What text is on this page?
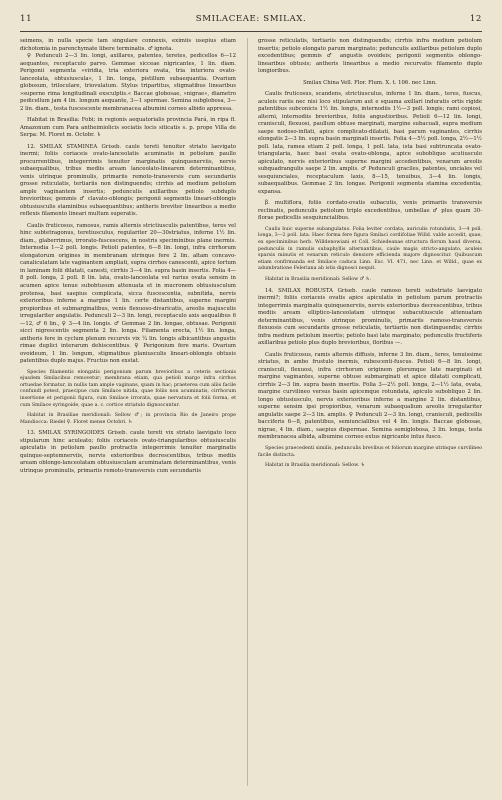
11	SMILACEAE: SMILAX.	12

seimens, in nulla specie tam singulare connexis, eximiis usepius etiam dichotomia in parenchymate libere terminatis. ♂ ignota.

♀ Pedunculi 2—3 lin. longi, axillares, patentes, teretes, pedicellos 6—12 aequantes, receptaculo parvo. Gemmae sicceae nigricantes, 1 lin. diam. Perigonii segmenta »viridia, tria exteriora ovata, tria interiora ovato-lanceolata, obtusiuscula«, 1 lin. longa, pistillum subaequantia. Ovarium globosum, triloculare, triovulatum. Stylus tripartitus, stigmatibus linearibus »superne rima longitudinali exsculptis.« Baccae globosae, »nigrae«, diametro pedicellum jam 4 lin. longum aequante, 3—1 spermae. Semina subglobosa, 3—2 lin. diam., testa fuscescente membranacea albumini corneo albido appressa.

Habitat in Brasilia: Fobi; in regionis aequatorialis provincia Pará, in ripa fl. Amazonum cum Para antheimiolicis sociatis locis siticatis s. p. prope Villa de Serpa: M. Floret m. Octobr. ♄

12. SMILAX STAMINEA Griseb. caule tereti tenuiter striato laevigato inermi; foliis coriaceis ovato-lanceolatis acuminatis in petiolum paullo procurrentibus, integerrimis tenuiter marginatis quinquenerviis, nervis subaequalibus, tribus mediis aream lanceolato-linearem determinantibus, venis utrinque prominulis, primariis remoto-transversis cum secundariis grosse reticulatis, tertiariis non distinguendis; cirrhis ad medium petiolum ample vaginantem insertis; pedunculis axillaribus petiolo subduplo brevioribus; gemmis ♂ clavato-oblongis; perigonii segmentis lineari-oblongis obtusiusculis staminibus subaequantibus; antheris breviter linearibus a medio reflexis filamento lineari multum superatis.

Caulis fruticosus, ramosus, ramis alternis strictiusculis patentibus, teres vel hinc subtetragonus, teretiusculus, regulariter 20—30striatus, inferne 1½ lin. diam., glaberrimus, irrorato-fuscescens, in nostris speciminibus plane inermis. Internodia 1—2 poll. longis. Petioli patentes, 6—8 lin. longi, infra cirrhorum elongatorum origines in membranam utrinque fere 2 lin. altam concavo-canaliculatam late vaginantem ampliati, supra cirrhos canescenti, apice tortum in laminam folii dilatati, canesti, cirrhis 3—4 lin. supra basin insertis. Folia 4—8 poll. longa, 2 poll. 8 lin. lata, ovato-lanceolata vel rarius ovata sensim in acumen apice tenue subobtusum attenuata et in mucronem obtusiusculum protensa, basi saepius complicata, sicca fuscescentia, subnitida, nervis exterioribus inferne a margine 1 lin. certe distantibus, superne margini propioribus et submarginalibus, venis flexuoso-divaricatis, areolis majusculis irregulariter angulatis. Pedunculi 2—3 lin. longi, receptaculo axis aequalibus 6—12, ♂ 6 lin., ♀ 3—4 lin. longis. ♂ Gemmae 2 lin. longae, obtusae. Perigonii sicci nigrescentis segmenta 2 lin. longa. Filamenta erecta, 1½ lin. longa, antheris fere in cyclum plenum recurvis vix ¼ lin. longis albicantibus angustis rimae duplici interarum dehiscentibus. ♀ Perigonium fere maris. Ovarium ovoideum, 1 lin. longum, stigmatibus planiusculis lineari-oblongis obtusis patentibus duplo majus. Fructus non exstat.

Species filamentis elongatis perigonium parum brevioribus a ceteris sectionis ejusdem Smilacibus removetur; membrana etiam, qua petioli margo infra cirrhos ortuedae formatur, in nullis tam ample vaginans, quam in hac; praeterea cum aliis facile confundi potest, praecipue cum Smilace nitida, quae foliis non acuminatis, cirrhorum insertione et perigonii figura, cum Smilace irrorata, quae nervatura et folii forma, et cum Smilace syringoide, quae a. c. cortice striatulo dignoscuntur.

Habitat in Brasiliae meridionali: Sellow ♂; in provincia Rio de Janeiro prope Mandiocca: Riedel ♀. Floret mense Octobri. ♄

13. SMILAX SYRINGOIDES Griseb. caule tereti vix striato laevigato loco stipularum hinc aculeato; foliis coriaceis ovato-triangularibus obtusiusculis apiculatis in petiolum paullo protractis integerrimis tenuiter marginatis quinque-septemnerviis, nervis exterioribus decrescentibus, tribus mediis aream oblongo-lanceolatam obtusiusculam acuminatam determinantibus, venis utrinque prominulis, primariis remoto-transversis cum secundariis

grosse reticulatis, tertiariis non distinguendis; cirrhis infra medium petiolum insertis; petiolo elongato parum marginato; pedunculis axillaribus petiolum duplo excedentibus; gemmis ♂ angustis ovoideis; perigonii segmentis oblongo-linearibus obtusis; antheris linearibus a medio recurvatis filamento duplo longioribus.

Smilax China Vell. Flor. Flum. X. t. 106. nec Linn.

Caulis fruticosus, scandens, strictiusculus, inferne 1 lin. diam., teres, fuscus, aculeis rariis nec nisi loco stipularum aut e squama axillari induratis ortis rigide patentibus subconicis 1½ lin. longis, internodiis 1½—3 poll. longis; rami copiosi, alterni, internodiis brevioribus, foliis angustioribus. Petioli 6—12 lin. longi, cranisculi, flexuosi, paullum obtuse marginati, margine subacuali, supra medium saepe nodoso-inflati, apice complicato-dilatati, basi parum vaginantes, cirrhis elongatis 2—3 lin. supra basin marginali insertis. Folia 4—5½ poll. longa, 2½—1½ poll. lata, ramea etiam 2 poll. longa, 1 poll. lata, ista basi subtruncata ovato-triangularia, haec basi ovata ovato-oblonga, apice subobliquo acutiusculo apiculato, nervis exterioribus superne margini accedentibus, venarum areolis subquadrangulis saepe 2 lin. amplis. ♂ Pedunculi graciles, patentes, unciales vel sesquiunciales, receptaculum laxis, 8—15, tenuibus, 3—4 lin. longis, subaequalibus. Gemmae 2 lin. longae. Perigonii segmenta stamina excedentia, expansa.

β. multiflora, foliis cordato-ovatis subacutis, venis primariis transversis reclinatis, pedunculis petiolum triplo excedentibus, umbellae ♂ plus quam 30-florae pedicellis sesquiuncialibus.

Caulis huic superne subangulatus. Folia leviter cordata, auriculis rotundatis, 3—4 poll. longa, 3—2 poll. lata. Haec forma fere figura Smilaci cordifoliae Willd. valde accedit, quae, ex speciminibus herb. Willdenowiani et Coll. Schiedeanae structura florum haud diversa, pedunculis in ramulis subaphyllis alternantibus, caule magis stricto-angulato, aculeis sparsis minutis et venarum reticulo densiore efficienda majore dignoscitur. Quibuscum etiam confirmanda est Smilace caduca Linn. Exc. VI. 471, nec Linn. et Willd., quae ex adumbratione Feleriana ab istis dignosci nequit.

Habitat in Brasilia meridionali: Sellow ♂ ♄.

14. SMILAX ROBUSTA Griseb. caule ramoso tereti substriato laevigato inermi?; foliis coriaceis ovatis apice apiculatis in petiolum parum protractis integerrimis marginatis quinquenerviis, nervis exterioribus decrescentibus, tribus mediis aream elliptico-lanceolatam utrinque subacutiuscule attenuatam determinantibus, venis utrinque prominulis, primariis ramoso-transversis flexuosis cum secundariis grosse reticulatis, tertiariis non distinguendis; cirrhis infra medium petiolum insertis; petiolo basi late marginato; pedunculis fructiferis axillaribus petiolo plus duplo brevioribus, floribus —.

Caulis fruticosus, ramis alternis diffusis, inferne 3 lin. diam., teres, tenuissime striatus, in ambo frustulo inermis, rubescenti-fuscus. Petioli 6—8 lin. longi, cranisculi, flexuosi, infra cirrhorum originem plerumque late marginati et margine vaginantes, superne obtuse submarginati et apice dilatati complicati, cirrhis 2—3 lin. supra basin insertis. Folia 3—2½ poll. longa, 2—1½ lata, ovata, margine curvilineo versus basin apicemque rotundata, apiculo subobliquo 2 lin. longo obtusiusculo, nervis exterioribus inferne a margine 2 lin. distantibus, superne sensim ipsi propioribus, venarum subaequalium areolis irregulariter angulatis saepe 2—3 lin. amplis. ♀ Pedunculi 2—3 lin. longi, cranisculi, pedicellis bacciferis 6—8, patentibus, semiuncialibus vel 4 lin. longis. Baccae globosae, nigrae, 4 lin. diam., saepius dispermae. Semina semiglobosa, 3 lin. longa, testa membranacea albida, albumine corneo extus nigricante intus fusco.

Species praecedenti similis, pedunculis brevibus et foliorum margine utrinque curvilineo facile distincta.

Habitat in Brasilia meridionali: Sellow. ♄
